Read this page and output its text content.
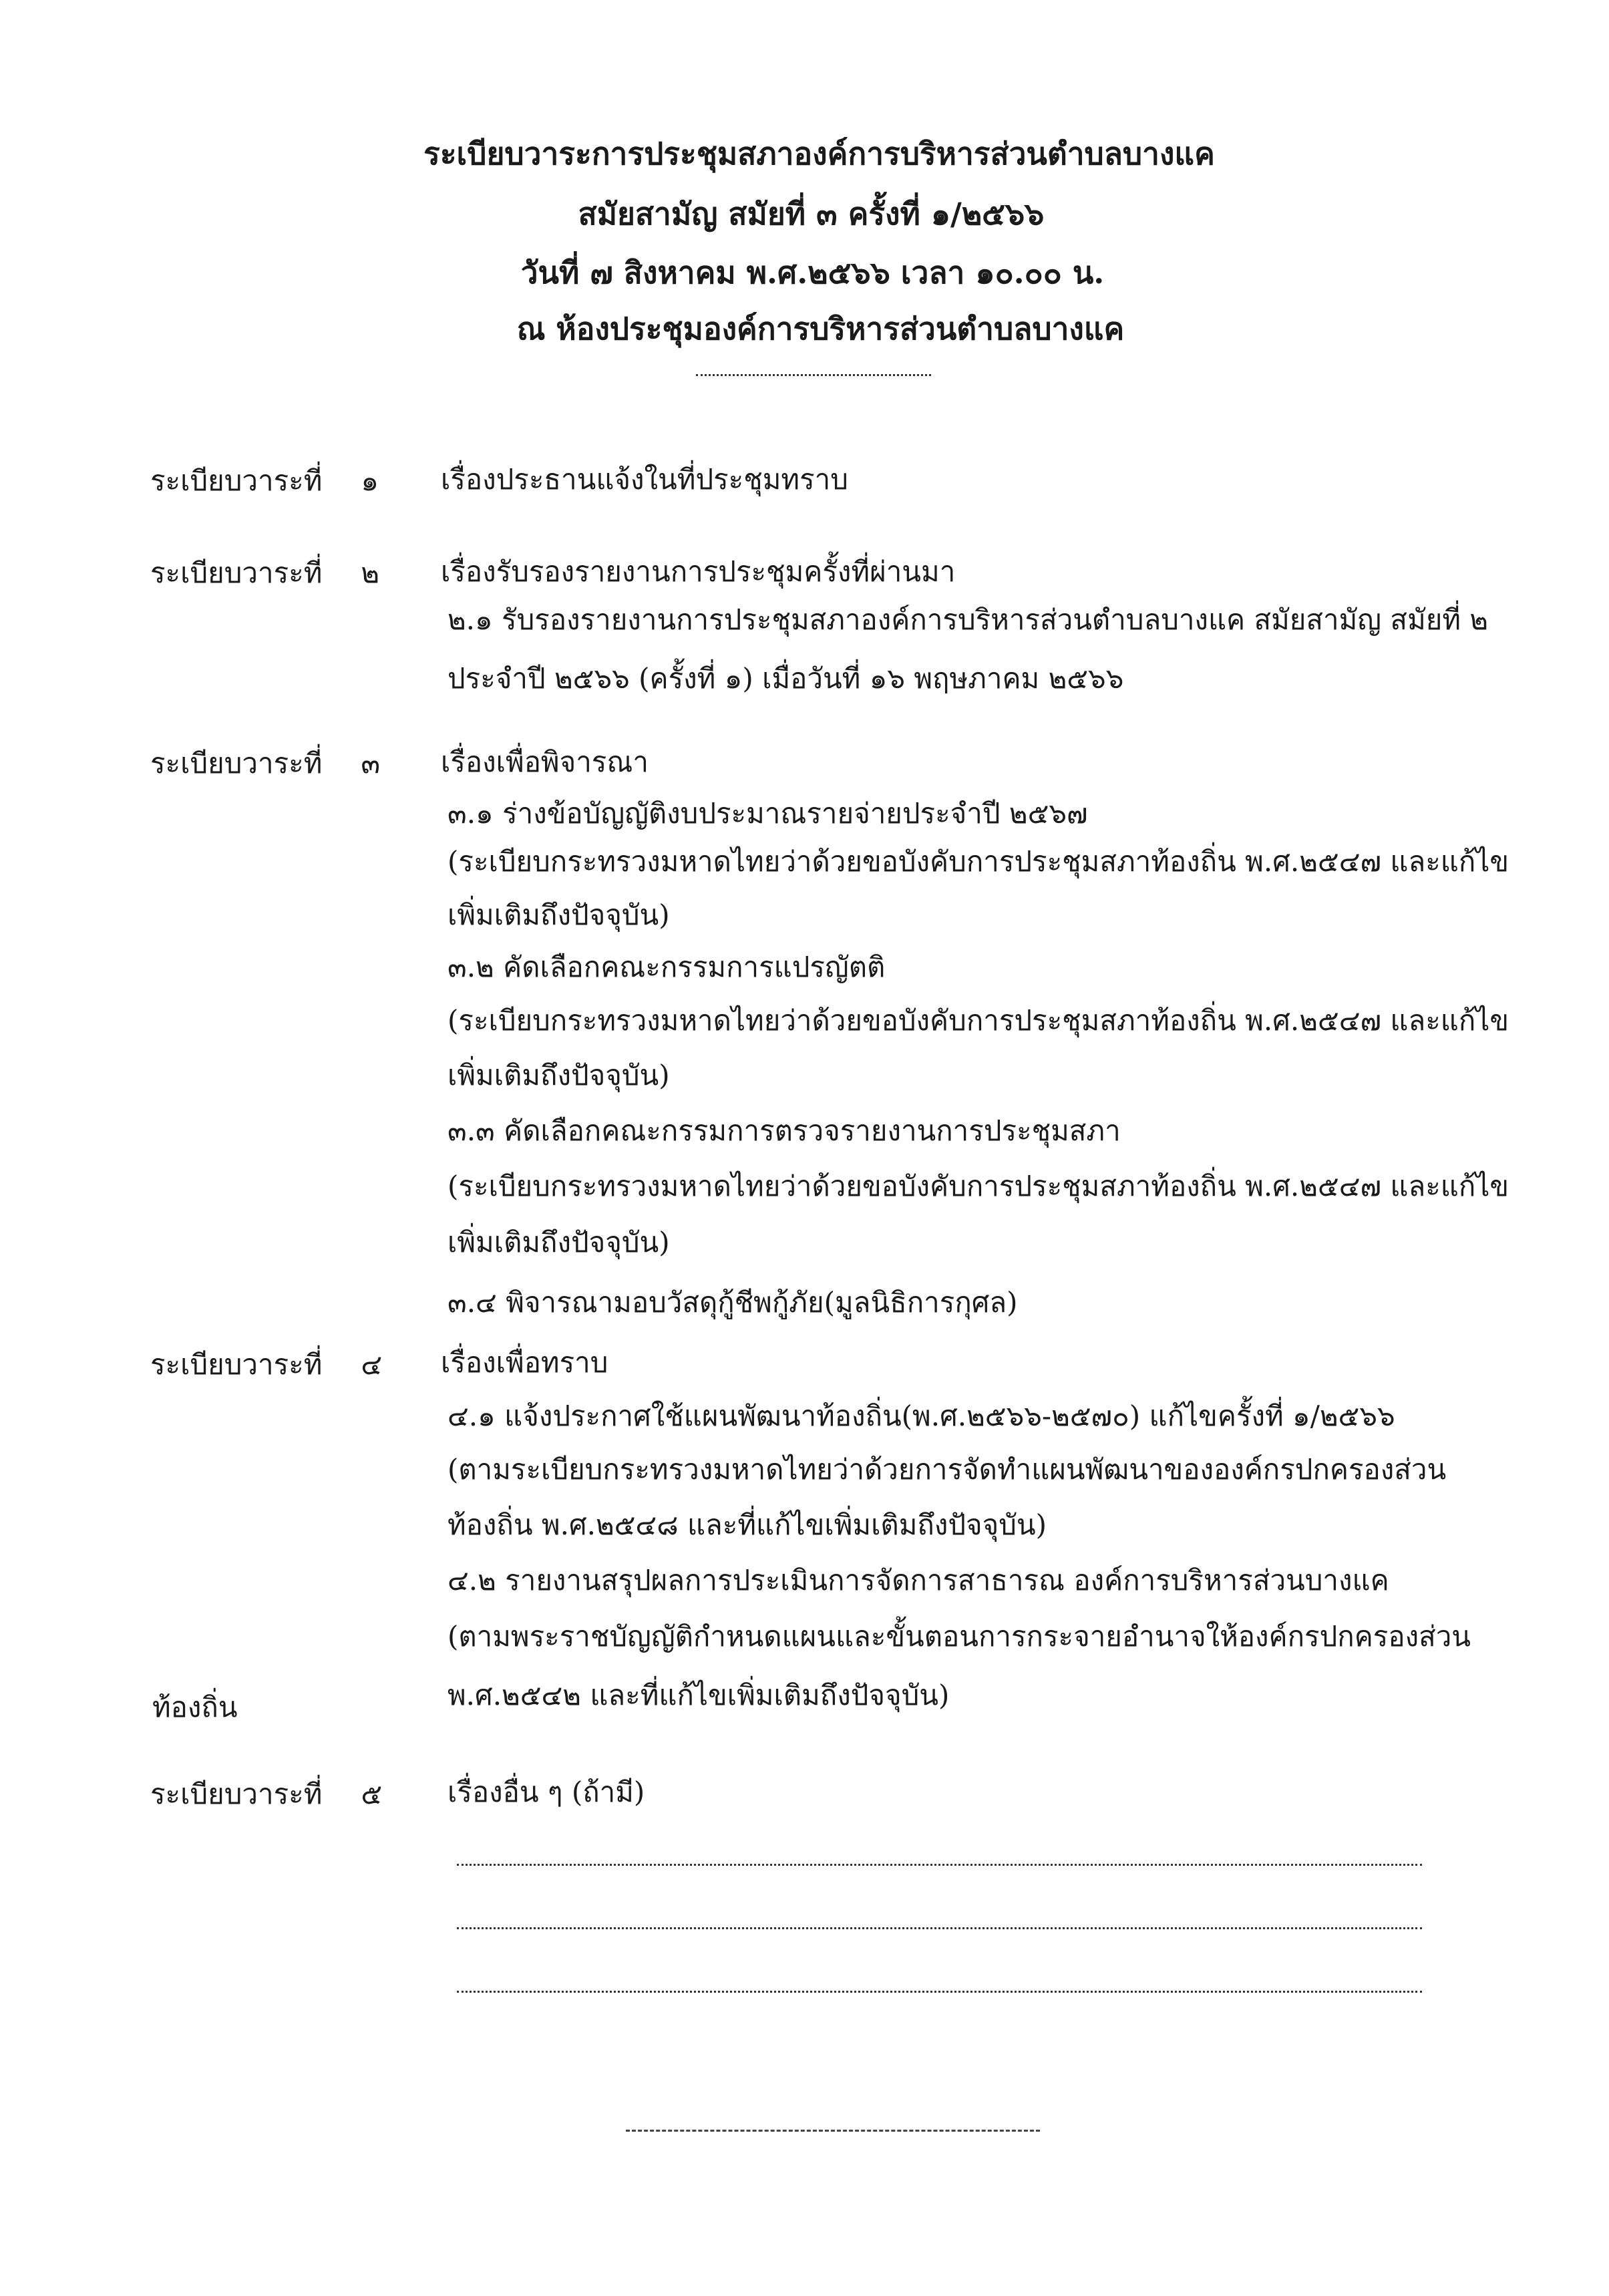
ระเบียบวาระการประชุมสภาองค์การบริหารส่วนตำบลบางแค
สมัยสามัญ สมัยที่ ๓ ครั้งที่ ๑/๒๕๖๖
วันที่ ๗ สิงหาคม พ.ศ.๒๕๖๖ เวลา ๑๐.๐๐ น.
ณ ห้องประชุมองค์การบริหารส่วนตำบลบางแค
ระเบียบวาระที่ ๑ เรื่องประธานแจ้งในที่ประชุมทราบ
ระเบียบวาระที่ ๒ เรื่องรับรองรายงานการประชุมครั้งที่ผ่านมา
๒.๑ รับรองรายงานการประชุมสภาองค์การบริหารส่วนตำบลบางแค สมัยสามัญ สมัยที่ ๒
ประจำปี ๒๕๖๖ (ครั้งที่ ๑) เมื่อวันที่ ๑๖ พฤษภาคม ๒๕๖๖
ระเบียบวาระที่ ๓ เรื่องเพื่อพิจารณา
๓.๑ ร่างข้อบัญญัติงบประมาณรายจ่ายประจำปี ๒๕๖๗
(ระเบียบกระทรวงมหาดไทยว่าด้วยขอบังคับการประชุมสภาท้องถิ่น พ.ศ.๒๕๔๗ และแก้ไข
เพิ่มเติมถึงปัจจุบัน)
๓.๒ คัดเลือกคณะกรรมการแปรญัตติ
(ระเบียบกระทรวงมหาดไทยว่าด้วยขอบังคับการประชุมสภาท้องถิ่น พ.ศ.๒๕๔๗ และแก้ไข
เพิ่มเติมถึงปัจจุบัน)
๓.๓ คัดเลือกคณะกรรมการตรวจรายงานการประชุมสภา
(ระเบียบกระทรวงมหาดไทยว่าด้วยขอบังคับการประชุมสภาท้องถิ่น พ.ศ.๒๕๔๗ และแก้ไข
เพิ่มเติมถึงปัจจุบัน)
๓.๔ พิจารณามอบวัสดุกู้ชีพกู้ภัย(มูลนิธิการกุศล)
ระเบียบวาระที่ ๔ เรื่องเพื่อทราบ
๔.๑ แจ้งประกาศใช้แผนพัฒนาท้องถิ่น(พ.ศ.๒๕๖๖-๒๕๗๐) แก้ไขครั้งที่ ๑/๒๕๖๖
(ตามระเบียบกระทรวงมหาดไทยว่าด้วยการจัดทำแผนพัฒนาขององค์กรปกครองส่วน
ท้องถิ่น พ.ศ.๒๕๔๘ และที่แก้ไขเพิ่มเติมถึงปัจจุบัน)
๔.๒ รายงานสรุปผลการประเมินการจัดการสาธารณ องค์การบริหารส่วนบางแค
(ตามพระราชบัญญัติกำหนดแผนและขั้นตอนการกระจายอำนาจให้องค์กรปกครองส่วน
พ.ศ.๒๕๔๒ และที่แก้ไขเพิ่มเติมถึงปัจจุบัน)
ท้องถิ่น
ระเบียบวาระที่ ๕ เรื่องอื่น ๆ (ถ้ามี)
